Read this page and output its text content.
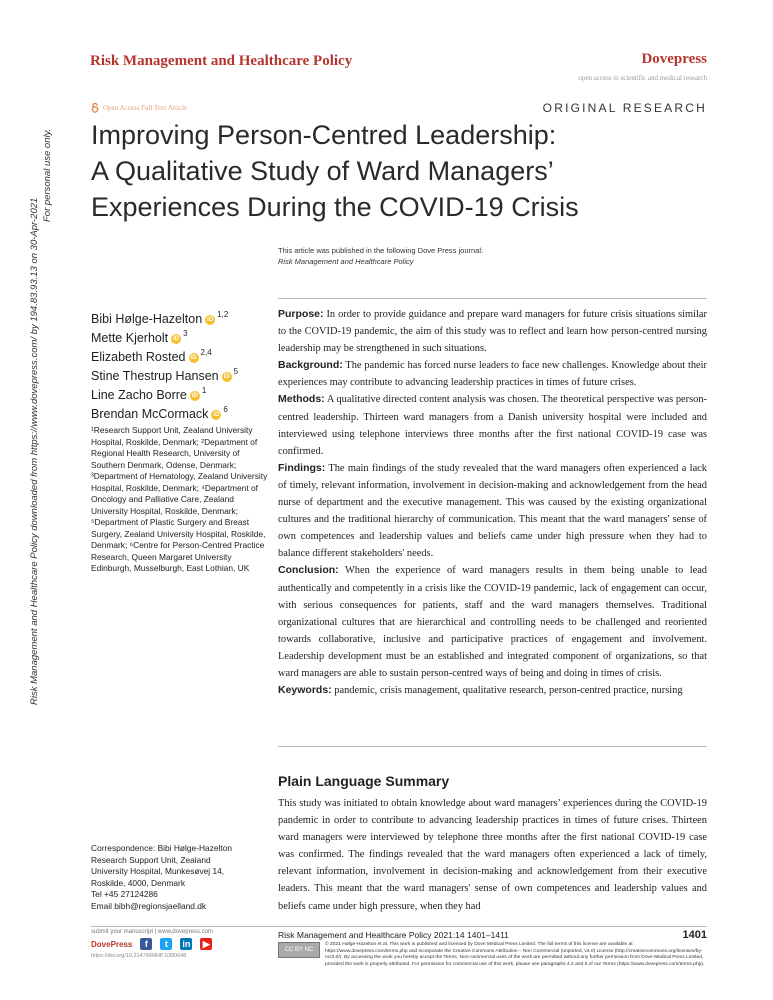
Risk Management and Healthcare Policy	Dovepress
open access to scientific and medical research
Open Access Full Text Article	ORIGINAL RESEARCH
Improving Person-Centred Leadership:
A Qualitative Study of Ward Managers’
Experiences During the COVID-19 Crisis
This article was published in the following Dove Press journal:
Risk Management and Healthcare Policy
Bibi Hølge-Hazelton iD
1,2
Mette Kjerholt iD
3
Elizabeth Rosted iD
2,4
Stine Thestrup Hansen iD
5
Line Zacho Borre iD
1
Brendan McCormack iD
6
¹Research Support Unit, Zealand University Hospital, Roskilde, Denmark; ²Department of Regional Health Research, University of Southern Denmark, Odense, Denmark; ³Department of Hematology, Zealand University Hospital, Roskilde, Denmark; ⁴Department of Oncology and Palliative Care, Zealand University Hospital, Roskilde, Denmark; ⁵Department of Plastic Surgery and Breast Surgery, Zealand University Hospital, Roskilde, Denmark; ⁶Centre for Person-Centred Practice Research, Queen Margaret University Edinburgh, Musselburgh, East Lothian, UK

Purpose: In order to provide guidance and prepare ward managers for future crisis situations similar to the COVID-19 pandemic, the aim of this study was to reflect and learn how person-centred nursing leadership may be strengthened in such situations.

Background: The pandemic has forced nurse leaders to face new challenges. Knowledge about their experiences may contribute to advancing leadership practices in times of future crises.

Methods: A qualitative directed content analysis was chosen. The theoretical perspective was person-centred leadership. Thirteen ward managers from a Danish university hospital were included and interviewed using telephone interviews three months after the first national COVID-19 case was confirmed.

Findings: The main findings of the study revealed that the ward managers often experienced a lack of timely, relevant information, involvement in decision-making and acknowledgement from the head nurse of department and the executive management. This was caused by the existing organizational cultures and the traditional hierarchy of communication. This meant that the ward managers' sense of own competences and leadership values and beliefs came under high pressure when they had to balance different stakeholders' needs.

Conclusion: When the experience of ward managers results in them being unable to lead authentically and competently in a crisis like the COVID-19 pandemic, lack of engagement can occur, with serious consequences for patients, staff and the ward managers themselves. Traditional organizational cultures that are hierarchical and controlling needs to be challenged and reoriented towards collaborative, inclusive and participative practices of engagement and involvement. Leadership development must be an established and integrated component of organizations, so that ward managers are able to sustain person-centred ways of being and doing in times of crisis.

Keywords: pandemic, crisis management, qualitative research, person-centred practice, nursing

Plain Language Summary
This study was initiated to obtain knowledge about ward managers’ experiences during the COVID-19 pandemic in order to contribute to advancing leadership practices in times of future crises. Thirteen ward managers were interviewed by telephone three months after the first national COVID-19 case was confirmed. The findings revealed that the ward managers often experienced a lack of timely, relevant information, involvement in decision-making and acknowledgement from their executive leaders. This meant that the ward managers' sense of own competences and leadership values and beliefs came under high pressure, when they had
Correspondence: Bibi Hølge-Hazelton
Research Support Unit, Zealand
University Hospital, Munkesøvej 14,
Roskilde, 4000, Denmark
Tel +45 27124286
Email bibh@regionsjaelland.dk
Risk Management and Healthcare Policy downloaded from https://www.dovepress.com/ by 194.83.93.13 on 30-Apr-2021
For personal use only.
submit your manuscript | www.dovepress.com
DovePress	f	t	in ▶
https://doi.org/10.2147/RMHP.S300648
Risk Management and Healthcare Policy 2021:14 1401–1411	1401
CC BY NC
© 2021 Hølge-Hazelton et al. This work is published and licensed by Dove Medical Press Limited. The full terms of this license are available at https://www.dovepress.com/terms.php and incorporate the Creative Commons Attribution – Non Commercial (unported, v3.0) License (http://creativecommons.org/licenses/by-nc/3.0/). By accessing the work you hereby accept the Terms. Non-commercial uses of the work are permitted without any further permission from Dove Medical Press Limited, provided the work is properly attributed. For permission for commercial use of this work, please see paragraphs 4.2 and 5 of our Terms (https://www.dovepress.com/terms.php).
